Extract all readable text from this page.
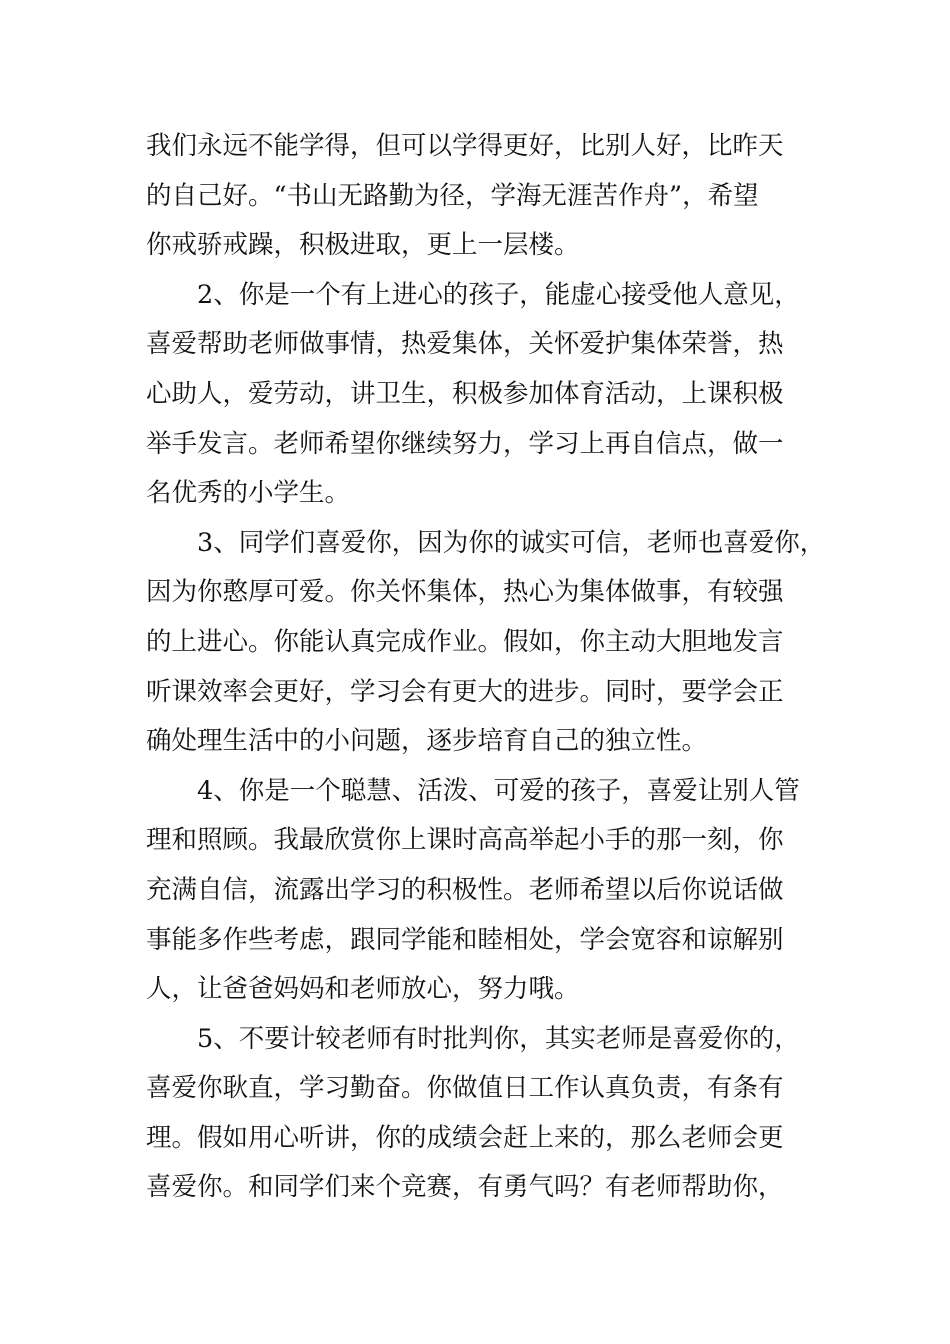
我们永远不能学得，但可以学得更好，比别人好，比昨天
的自己好。“书山无路勤为径，学海无涯苦作舟”，希望
你戒骄戒躁，积极进取，更上一层楼。
2、你是一个有上进心的孩子，能虚心接受他人意见，
喜爱帮助老师做事情，热爱集体，关怀爱护集体荣誉，热
心助人，爱劳动，讲卫生，积极参加体育活动，上课积极
举手发言。老师希望你继续努力，学习上再自信点，做一
名优秀的小学生。
3、同学们喜爱你，因为你的诚实可信，老师也喜爱你，
因为你憨厚可爱。你关怀集体，热心为集体做事，有较强
的上进心。你能认真完成作业。假如，你主动大胆地发言
听课效率会更好，学习会有更大的进步。同时，要学会正
确处理生活中的小问题，逐步培育自己的独立性。
4、你是一个聪慧、活泼、可爱的孩子，喜爱让别人管
理和照顾。我最欣赏你上课时高高举起小手的那一刻，你
充满自信，流露出学习的积极性。老师希望以后你说话做
事能多作些考虑，跟同学能和睦相处，学会宽容和谅解别
人，让爸爸妈妈和老师放心，努力哦。
5、不要计较老师有时批判你，其实老师是喜爱你的，
喜爱你耿直，学习勤奋。你做值日工作认真负责，有条有
理。假如用心听讲，你的成绩会赶上来的，那么老师会更
喜爱你。和同学们来个竞赛，有勇气吗？有老师帮助你，
